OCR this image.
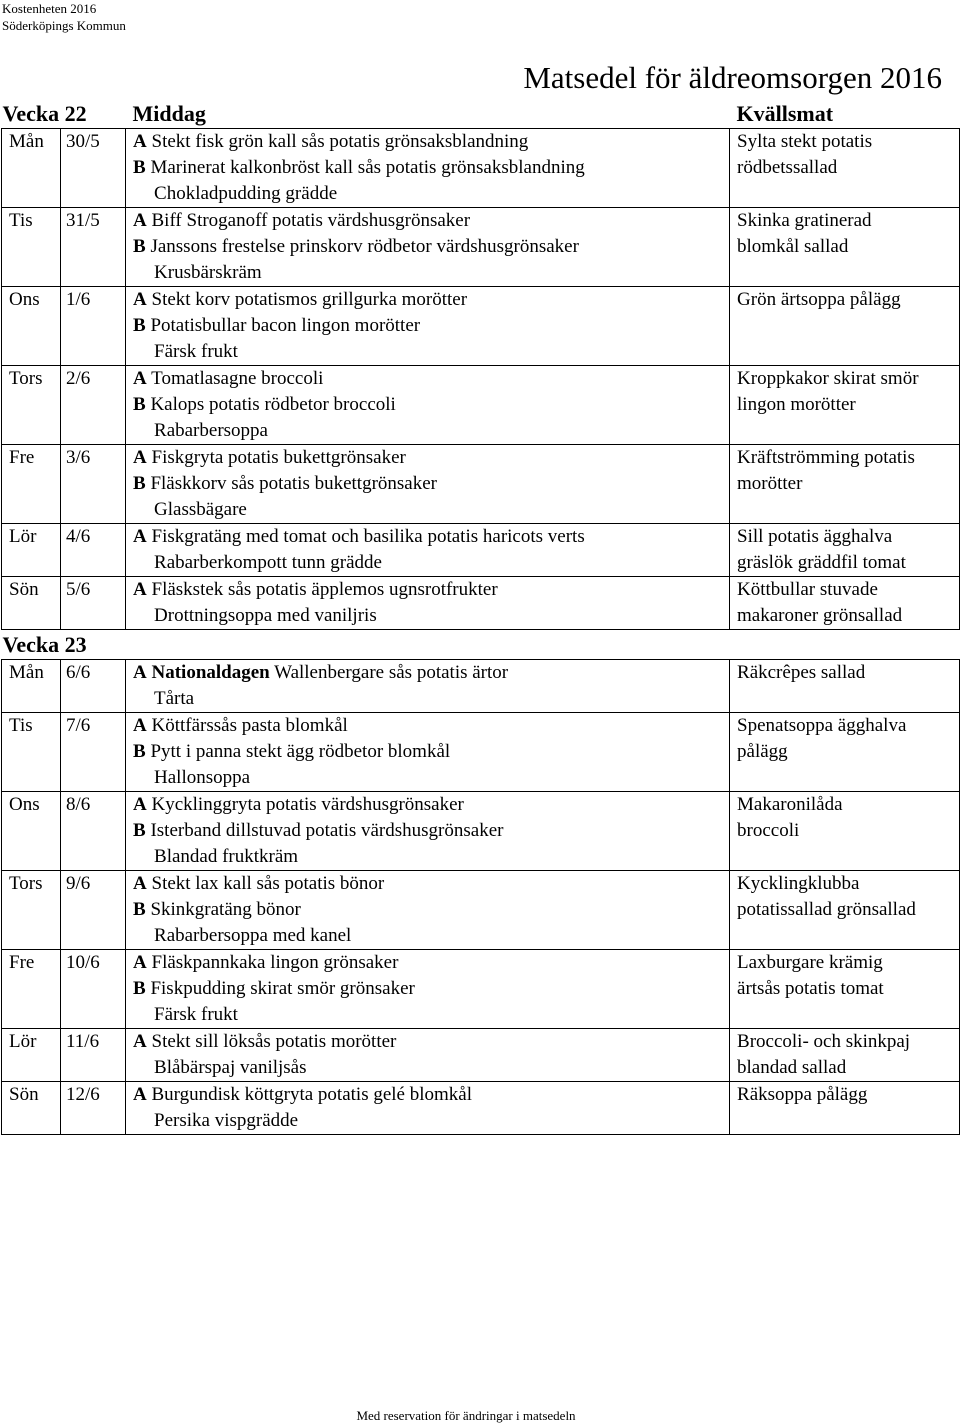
Kostenheten 2016
Söderköpings Kommun
Matsedel för äldreomsorgen 2016
Vecka 22		Middag	Kvällsmat
Mån	30/5	A Stekt fisk grön kall sås potatis grönsaksblandning
B Marinerat kalkonbröst kall sås potatis grönsaksblandning
Chokladpudding grädde	Sylta stekt potatis
rödbetssallad

Tis	31/5	A Biff Stroganoff potatis värdshusgrönsaker
B Janssons frestelse prinskorv rödbetor värdshusgrönsaker
Krusbärskräm	Skinka gratinerad
blomkål sallad

Ons	1/6	A Stekt korv potatismos grillgurka morötter
B Potatisbullar bacon lingon morötter
Färsk frukt	Grön ärtsoppa pålägg

Tors	2/6	A Tomatlasagne broccoli
B Kalops potatis rödbetor broccoli
Rabarbersoppa	Kroppkakor skirat smör
lingon morötter

Fre	3/6	A Fiskgryta potatis bukettgrönsaker
B Fläskkorv sås potatis bukettgrönsaker
Glassbägare	Kräftströmming potatis
morötter

Lör	4/6	A Fiskgratäng med tomat och basilika potatis haricots verts
Rabarberkompott tunn grädde	Sill potatis ägghalva
gräslök gräddfil tomat

Sön	5/6	A Fläskstek sås potatis äpplemos ugnsrotfrukter
Drottningsoppa med vaniljris	Köttbullar stuvade
makaroner grönsallad

Vecka 23			
Mån	6/6	A Nationaldagen Wallenbergare sås potatis ärtor
Tårta	Räkcrêpes sallad

Tis	7/6	A Köttfärssås pasta blomkål
B Pytt i panna stekt ägg rödbetor blomkål
Hallonsoppa	Spenatsoppa ägghalva
pålägg

Ons	8/6	A Kycklinggryta potatis värdshusgrönsaker
B Isterband dillstuvad potatis värdshusgrönsaker
Blandad fruktkräm	Makaronilåda
broccoli

Tors	9/6	A Stekt lax kall sås potatis bönor
B Skinkgratäng bönor
Rabarbersoppa med kanel	Kycklingklubba
potatissallad grönsallad

Fre	10/6	A Fläskpannkaka lingon grönsaker
B Fiskpudding skirat smör grönsaker
Färsk frukt	Laxburgare krämig
ärtsås potatis tomat

Lör	11/6	A Stekt sill löksås potatis morötter
Blåbärspaj vaniljsås	Broccoli- och skinkpaj
blandad sallad

Sön	12/6	A Burgundisk köttgryta potatis gelé blomkål
Persika vispgrädde	Räksoppa pålägg
Med reservation för ändringar i matsedeln
